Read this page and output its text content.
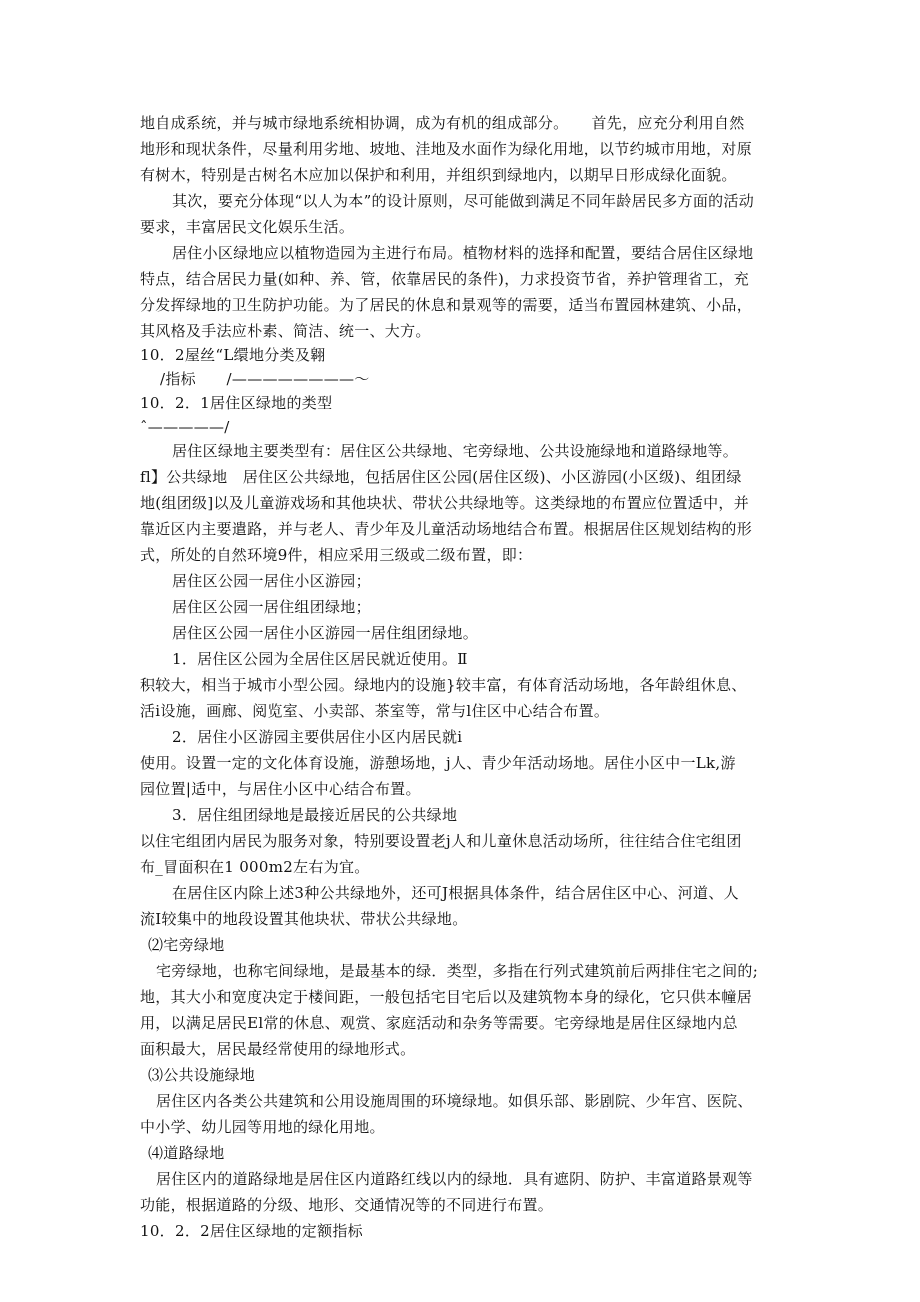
地自成系统，并与城市绿地系统相协调，成为有机的组成部分。　　首先，应充分利用自然
地形和现状条件，尽量利用劣地、坡地、洼地及水面作为绿化用地，以节约城市用地，对原
有树木，特别是古树名木应加以保护和利用，并组织到绿地内，以期早日形成绿化面貌。
其次，要充分体现“以人为本”的设计原则，尽可能做到满足不同年龄居民多方面的活动
要求，丰富居民文化娱乐生活。
居住小区绿地应以植物造园为主进行布局。植物材料的选择和配置，要结合居住区绿地
特点，结合居民力量(如种、养、管，依靠居民的条件)，力求投资节省，养护管理省工，充
分发挥绿地的卫生防护功能。为了居民的休息和景观等的需要，适当布置园林建筑、小品，
其风格及手法应朴素、简洁、统一、大方。
10．2屋丝“L缳地分类及翱
/指标　　/————————～
10．2．1居住区绿地的类型
ˆ—————/
居住区绿地主要类型有：居住区公共绿地、宅旁绿地、公共设施绿地和道路绿地等。
fl】公共绿地　居住区公共绿地，包括居住区公园(居住区级)、小区游园(小区级)、组团绿
地(组团级]以及儿童游戏场和其他块状、带状公共绿地等。这类绿地的布置应位置适中，并
靠近区内主要遣路，并与老人、青少年及儿童活动场地结合布置。根据居住区规划结构的形
式，所处的自然环境9件，相应采用三级或二级布置，即：
居住区公园一居住小区游园；
居住区公园一居住组团绿地；
居住区公园一居住小区游园一居住组团绿地。
1．居住区公园为全居住区居民就近使用。Ⅱ
积较大，相当于城市小型公园。绿地内的设施}较丰富，有体育活动场地，各年龄组休息、
活i设施，画廊、阅览室、小卖部、茶室等，常与l住区中心结合布置。
2．居住小区游园主要供居住小区内居民就i
使用。设置一定的文化体育设施，游憩场地，j人、青少年活动场地。居住小区中一Lk,游
园位置|适中，与居住小区中心结合布置。
3．居住组团绿地是最接近居民的公共绿地
以住宅组团内居民为服务对象，特别要设置老j人和儿童休息活动场所，往往结合住宅组团
布_冒面积在1 000m2左右为宜。
在居住区内除上述3种公共绿地外，还可J根据具体条件，结合居住区中心、河道、人
流I较集中的地段设置其他块状、带状公共绿地。
⑵宅旁绿地
宅旁绿地，也称宅间绿地，是最基本的绿．类型，多指在行列式建筑前后两排住宅之间的;
地，其大小和宽度决定于楼间距，一般包括宅目宅后以及建筑物本身的绿化，它只供本幢居
用，以满足居民El常的休息、观赏、家庭活动和杂务等需要。宅旁绿地是居住区绿地内总
面积最大，居民最经常使用的绿地形式。
⑶公共设施绿地
居住区内各类公共建筑和公用设施周围的环境绿地。如俱乐部、影剧院、少年宫、医院、
中小学、幼儿园等用地的绿化用地。
⑷道路绿地
居住区内的道路绿地是居住区内道路红线以内的绿地．具有遮阴、防护、丰富道路景观等
功能，根据道路的分级、地形、交通情况等的不同进行布置。
10．2．2居住区绿地的定额指标
